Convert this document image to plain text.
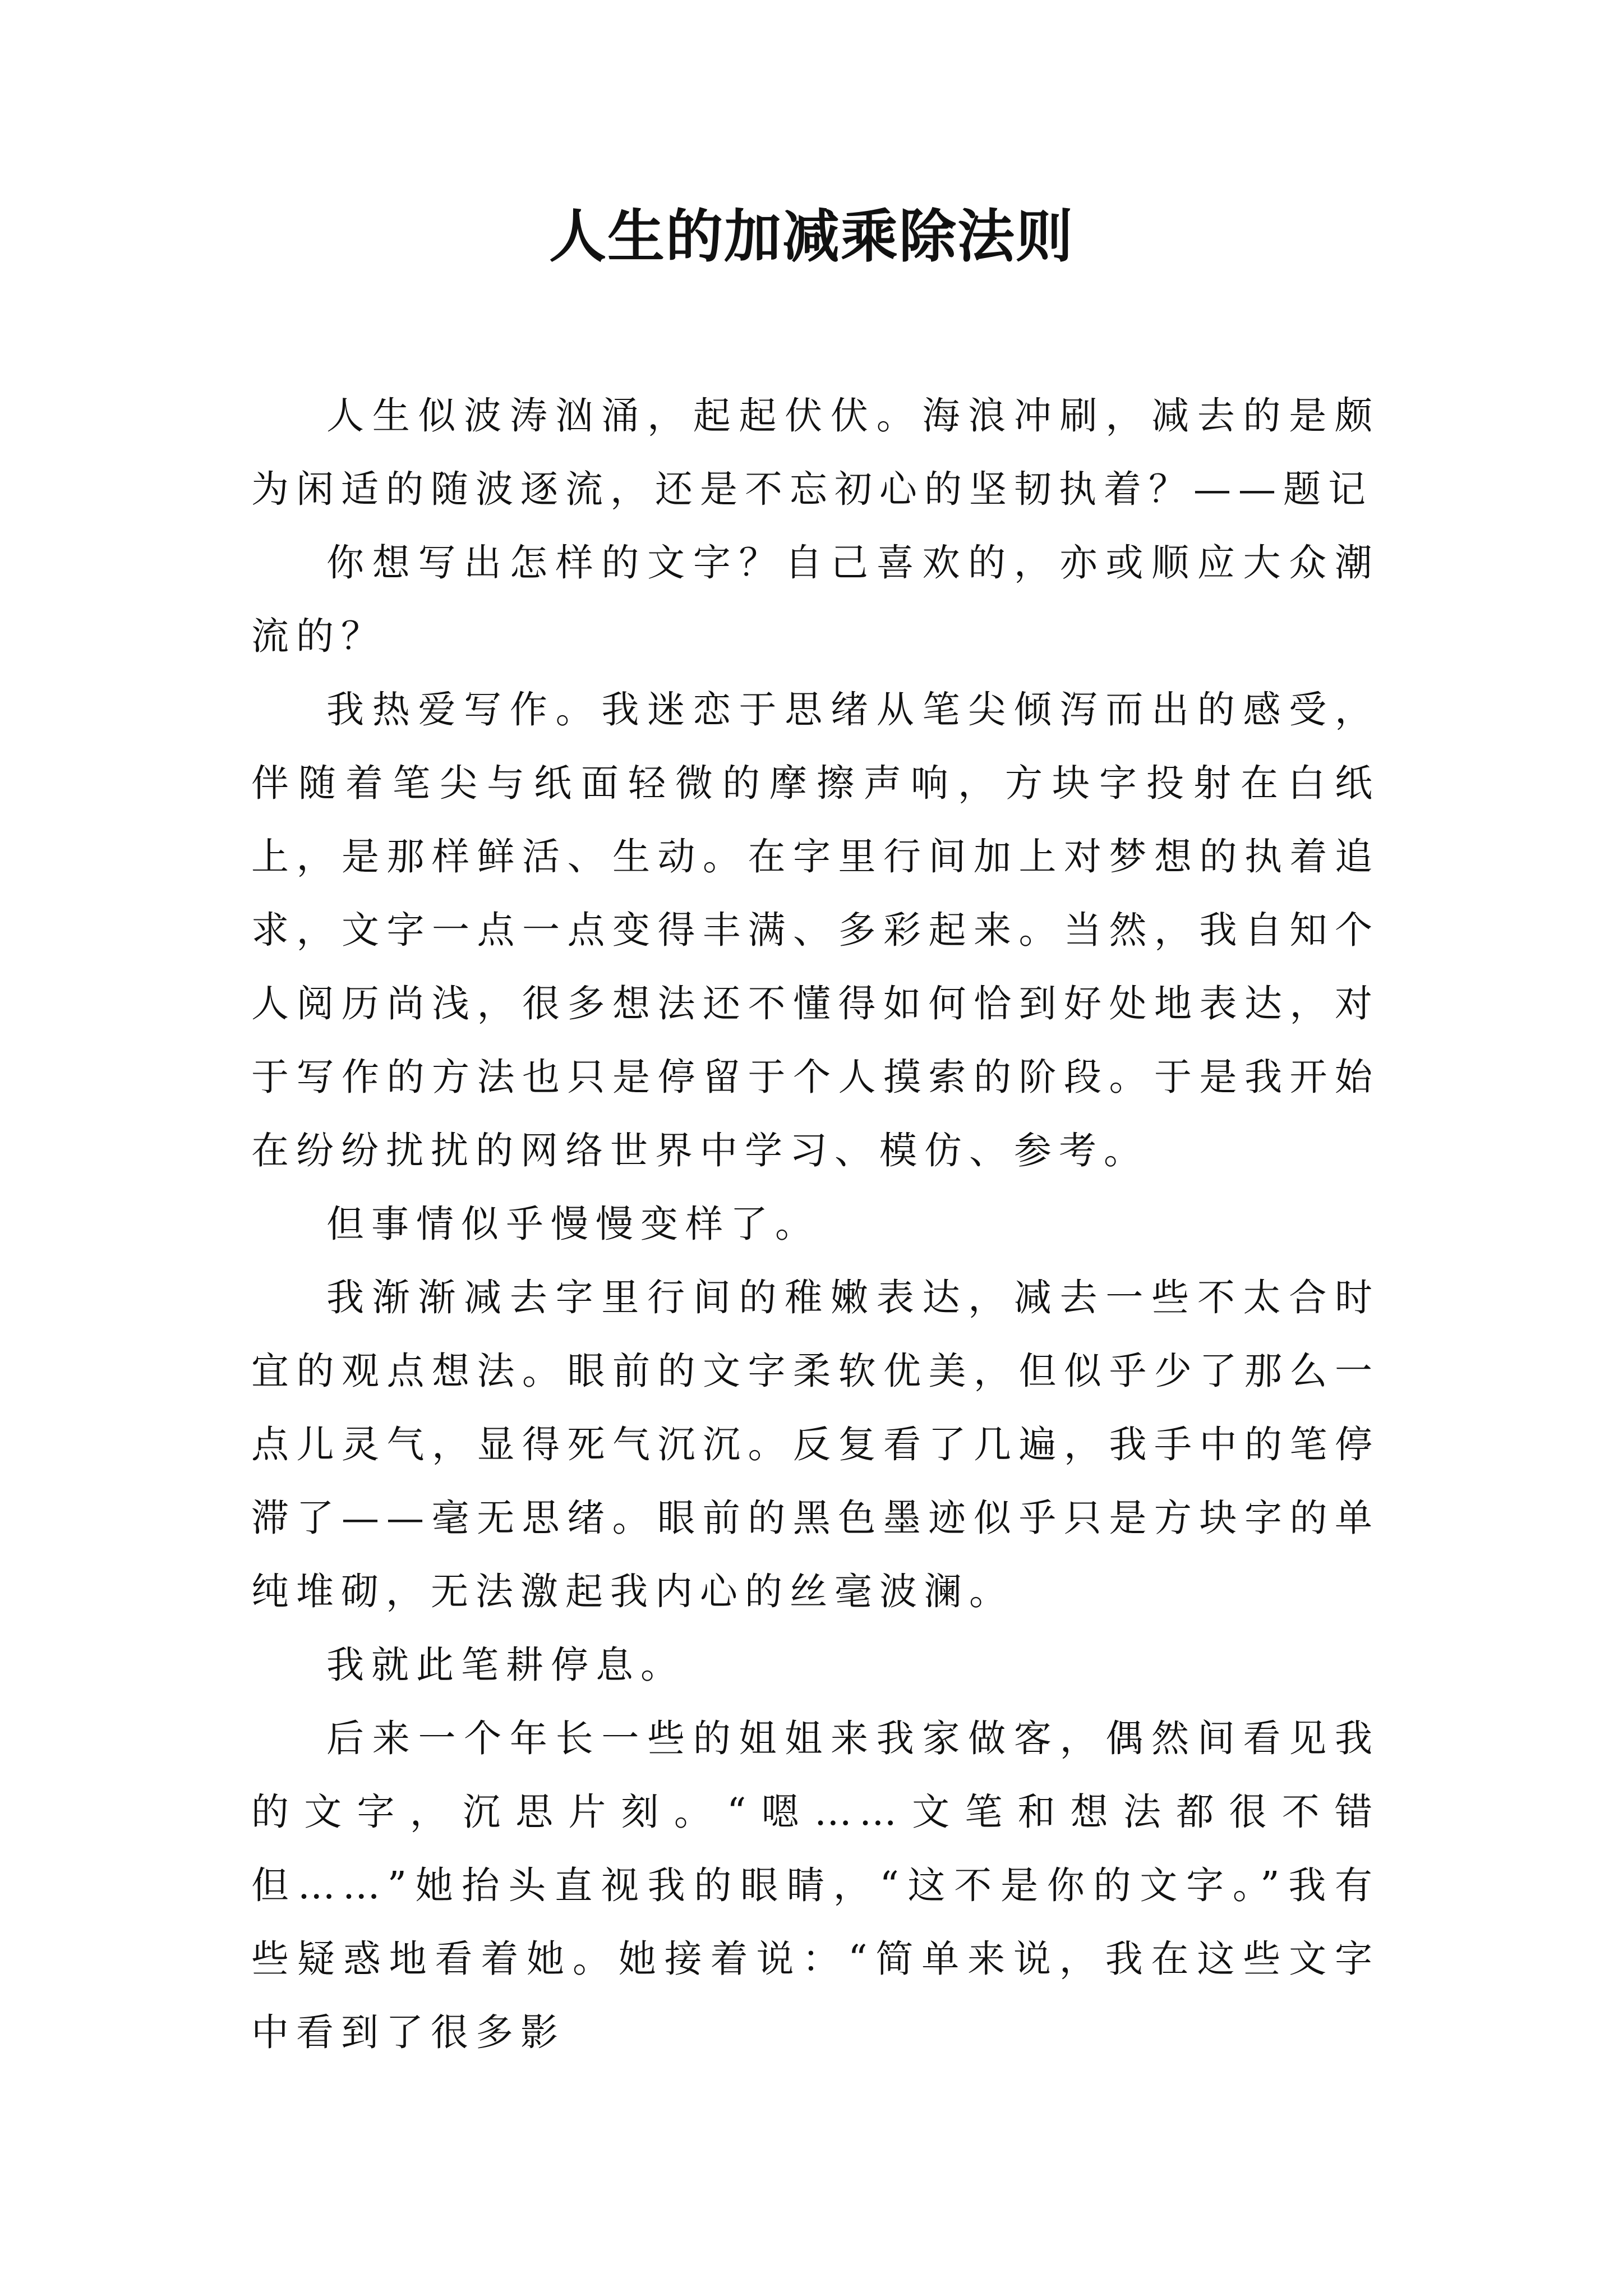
人生的加减乘除法则

人生似波涛汹涌，起起伏伏。海浪冲刷，减去的是颇为闲适的随波逐流，还是不忘初心的坚韧执着？——题记

你想写出怎样的文字？自己喜欢的，亦或顺应大众潮流的？

我热爱写作。我迷恋于思绪从笔尖倾泻而出的感受，伴随着笔尖与纸面轻微的摩擦声响，方块字投射在白纸上，是那样鲜活、生动。在字里行间加上对梦想的执着追求，文字一点一点变得丰满、多彩起来。当然，我自知个人阅历尚浅，很多想法还不懂得如何恰到好处地表达，对于写作的方法也只是停留于个人摸索的阶段。于是我开始在纷纷扰扰的网络世界中学习、模仿、参考。

但事情似乎慢慢变样了。

我渐渐减去字里行间的稚嫩表达，减去一些不太合时宜的观点想法。眼前的文字柔软优美，但似乎少了那么一点儿灵气，显得死气沉沉。反复看了几遍，我手中的笔停滞了——毫无思绪。眼前的黑色墨迹似乎只是方块字的单纯堆砌，无法激起我内心的丝毫波澜。

我就此笔耕停息。

后来一个年长一些的姐姐来我家做客，偶然间看见我的文字，沉思片刻。“嗯……文笔和想法都很不错但……”她抬头直视我的眼睛，“这不是你的文字。”我有些疑惑地看着她。她接着说：“简单来说，我在这些文字中看到了很多影
